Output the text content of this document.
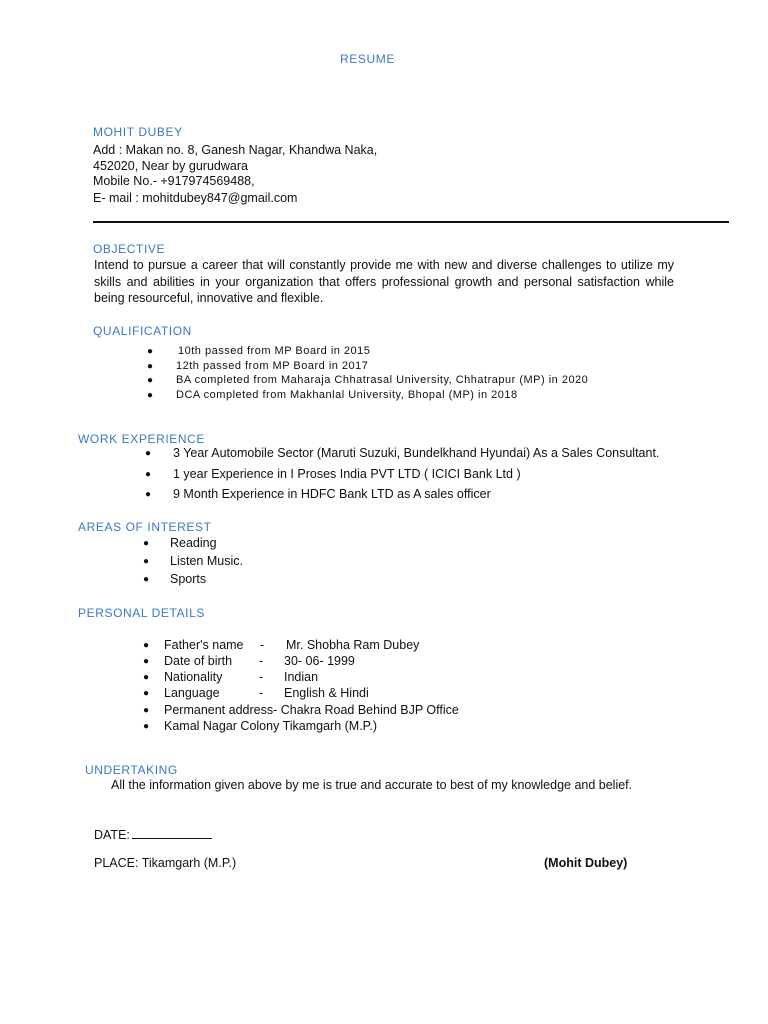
RESUME
MOHIT DUBEY
Add : Makan no. 8, Ganesh Nagar, Khandwa Naka,
452020, Near by gurudwara
Mobile No.- +917974569488,
E- mail : mohitdubey847@gmail.com
OBJECTIVE
Intend to pursue a career that will constantly provide me with new and diverse challenges to utilize my skills and abilities in your organization that offers professional growth and personal satisfaction while being resourceful, innovative and flexible.
QUALIFICATION
● 10th passed from MP Board in 2015
● 12th passed from MP Board in 2017
● BA completed from Maharaja Chhatrasal University, Chhatrapur (MP) in 2020
● DCA completed from Makhanlal University, Bhopal (MP) in 2018
WORK EXPERIENCE
● 3 Year Automobile Sector (Maruti Suzuki, Bundelkhand Hyundai) As a Sales Consultant.
● 1 year Experience in I Proses India PVT LTD ( ICICI Bank Ltd )
● 9 Month Experience in HDFC Bank LTD as A sales officer
AREAS OF INTEREST
● Reading
● Listen Music.
● Sports
PERSONAL DETAILS
● Father's name - Mr. Shobha Ram Dubey
● Date of birth - 30- 06- 1999
● Nationality	- Indian
● Language	- English & Hindi
● Permanent address- Chakra Road Behind BJP Office
● Kamal Nagar Colony Tikamgarh (M.P.)
UNDERTAKING
All the information given above by me is true and accurate to best of my knowledge and belief.
DATE:
PLACE: Tikamgarh (M.P.)	(Mohit Dubey)
